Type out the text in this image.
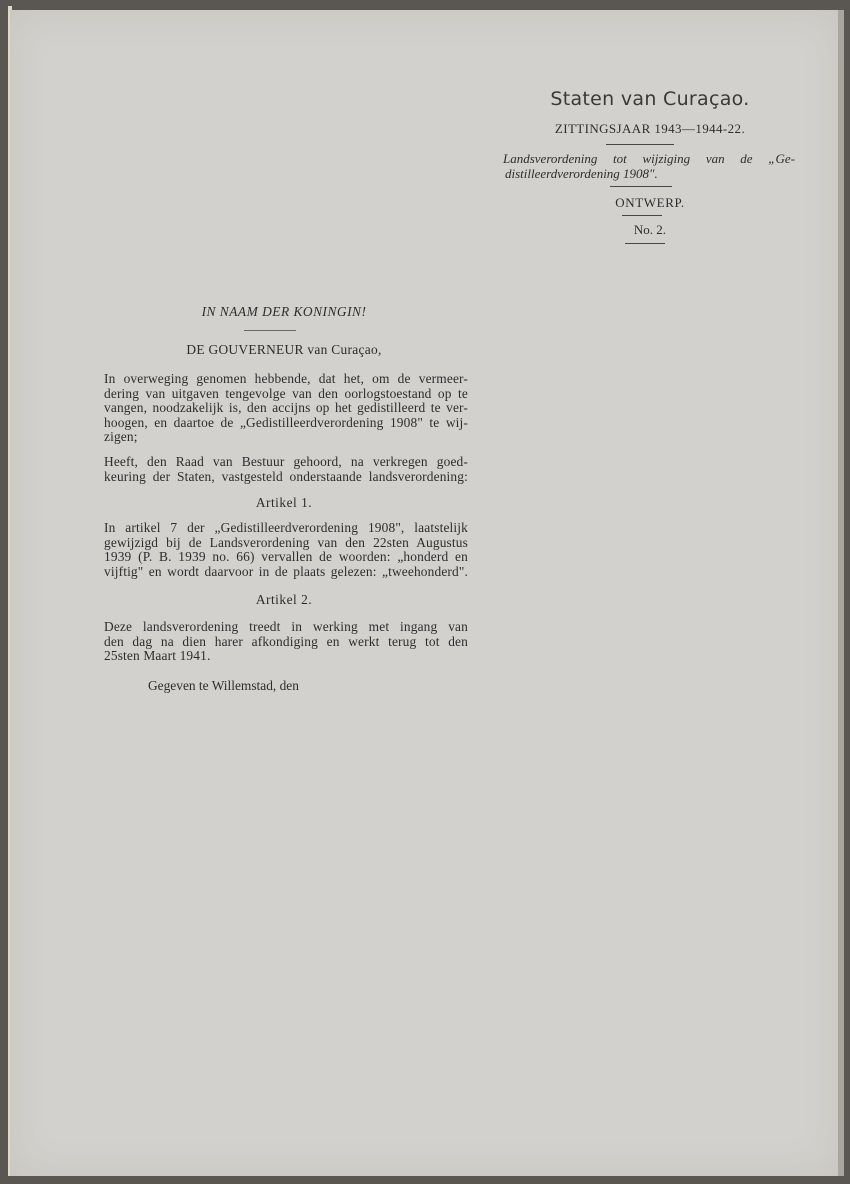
Staten van Curaçao.
ZITTINGSJAAR 1943—1944-22.
Landsverordening tot wijziging van de „Ge-
distilleerdverordening 1908".
ONTWERP.
No. 2.
IN NAAM DER KONINGIN!
DE GOUVERNEUR van Curaçao,
In overweging genomen hebbende, dat het, om de vermeer-
dering van uitgaven tengevolge van den oorlogstoestand op te
vangen, noodzakelijk is, den accijns op het gedistilleerd te ver-
hoogen, en daartoe de „Gedistilleerdverordening 1908" te wij-
zigen;
Heeft, den Raad van Bestuur gehoord, na verkregen goed-
keuring der Staten, vastgesteld onderstaande landsverordening:
Artikel 1.
In artikel 7 der „Gedistilleerdverordening 1908", laatstelijk
gewijzigd bij de Landsverordening van den 22sten Augustus
1939 (P. B. 1939 no. 66) vervallen de woorden: „honderd en
vijftig" en wordt daarvoor in de plaats gelezen: „tweehonderd".
Artikel 2.
Deze landsverordening treedt in werking met ingang van
den dag na dien harer afkondiging en werkt terug tot den
25sten Maart 1941.
Gegeven te Willemstad, den
